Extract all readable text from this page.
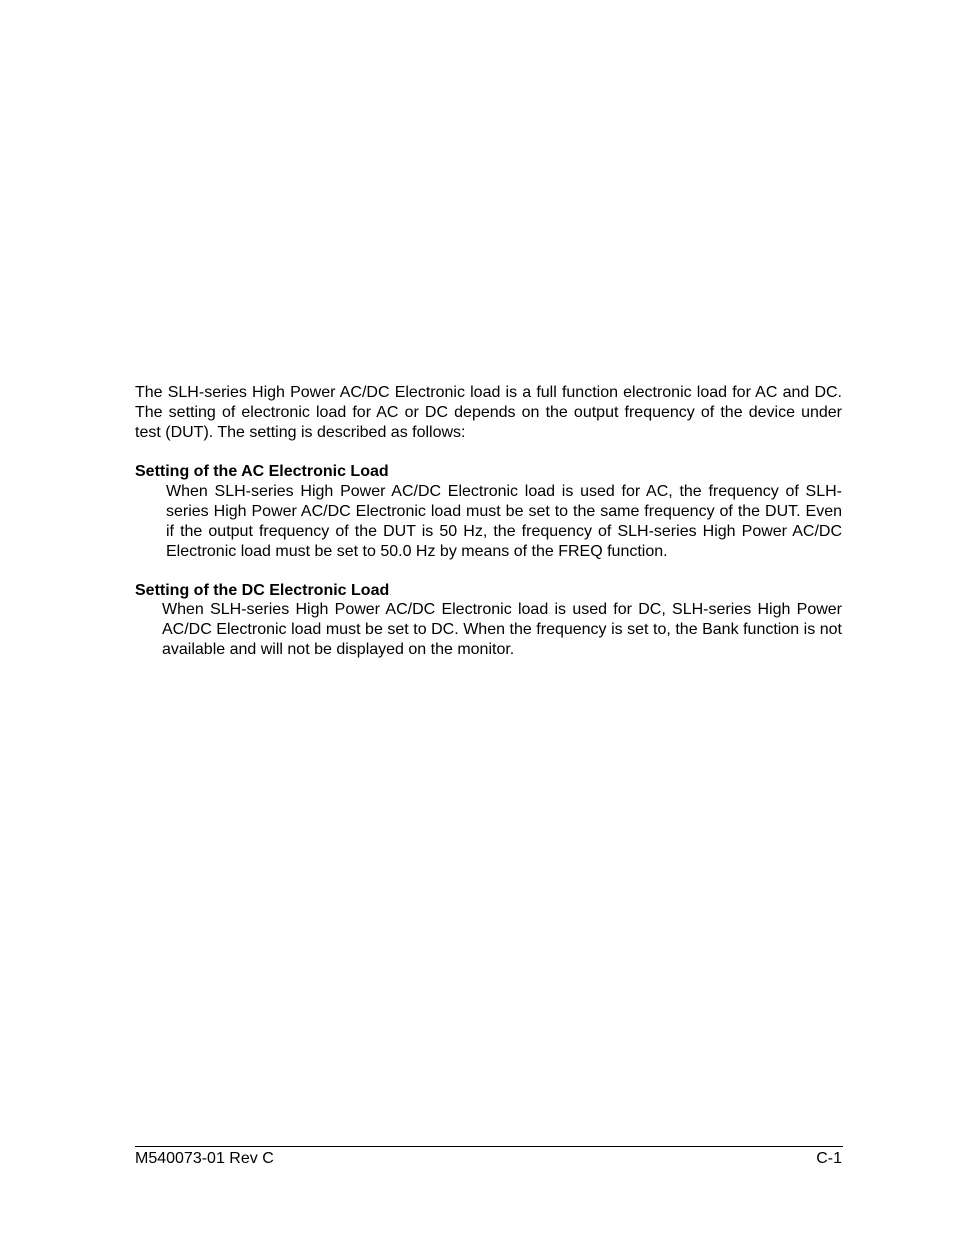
The SLH-series High Power AC/DC Electronic load is a full function electronic load for AC and DC. The setting of electronic load for AC or DC depends on the output frequency of the device under test (DUT). The setting is described as follows:

Setting of the AC Electronic Load

When SLH-series High Power AC/DC Electronic load is used for AC, the frequency of SLH-series High Power AC/DC Electronic load must be set to the same frequency of the DUT. Even if the output frequency of the DUT is 50 Hz, the frequency of SLH-series High Power AC/DC Electronic load must be set to 50.0 Hz by means of the FREQ function.

Setting of the DC Electronic Load

When SLH-series High Power AC/DC Electronic load is used for DC, SLH-series High Power AC/DC Electronic load must be set to DC. When the frequency is set to, the Bank function is not available and will not be displayed on the monitor.

M540073-01 Rev C	C-1
